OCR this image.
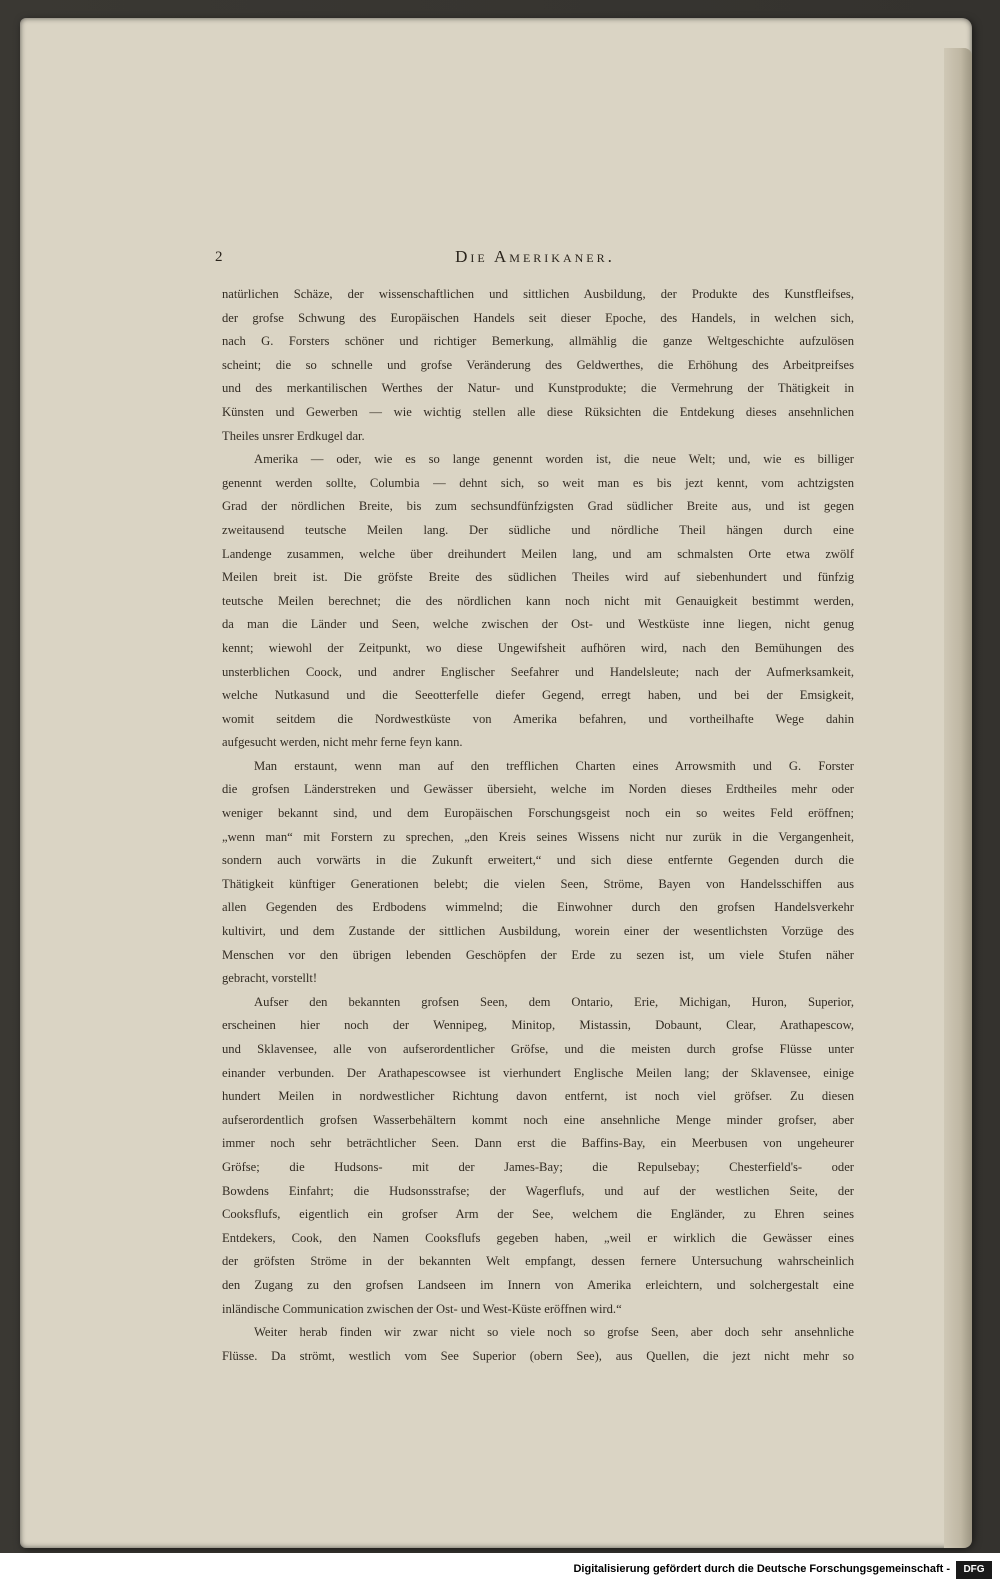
2	Die Amerikaner.
natürlichen Schäze, der wissenschaftlichen und sittlichen Ausbildung, der Produkte des Kunstfleifses,
der grofse Schwung des Europäischen Handels seit dieser Epoche, des Handels, in welchen sich,
nach G. Forsters schöner und richtiger Bemerkung, allmählig die ganze Weltgeschichte aufzulösen
scheint; die so schnelle und grofse Veränderung des Geldwerthes, die Erhöhung des Arbeitpreifses
und des merkantilischen Werthes der Natur- und Kunstprodukte; die Vermehrung der Thätigkeit in
Künsten und Gewerben — wie wichtig stellen alle diese Rüksichten die Entdekung dieses ansehnlichen
Theiles unsrer Erdkugel dar.
Amerika — oder, wie es so lange genennt worden ist, die neue Welt; und, wie es billiger
genennt werden sollte, Columbia — dehnt sich, so weit man es bis jezt kennt, vom achtzigsten
Grad der nördlichen Breite, bis zum sechsundfünfzigsten Grad südlicher Breite aus, und ist gegen
zweitausend teutsche Meilen lang. Der südliche und nördliche Theil hängen durch eine
Landenge zusammen, welche über dreihundert Meilen lang, und am schmalsten Orte etwa zwölf
Meilen breit ist. Die gröfste Breite des südlichen Theiles wird auf siebenhundert und fünfzig
teutsche Meilen berechnet; die des nördlichen kann noch nicht mit Genauigkeit bestimmt werden,
da man die Länder und Seen, welche zwischen der Ost- und Westküste inne liegen, nicht genug
kennt; wiewohl der Zeitpunkt, wo diese Ungewifsheit aufhören wird, nach den Bemühungen des
unsterblichen Coock, und andrer Englischer Seefahrer und Handelsleute; nach der Aufmerksamkeit,
welche Nutkasund und die Seeotterfelle diefer Gegend, erregt haben, und bei der Emsigkeit,
womit seitdem die Nordwestküste von Amerika befahren, und vortheilhafte Wege dahin
aufgesucht werden, nicht mehr ferne feyn kann.
Man erstaunt, wenn man auf den trefflichen Charten eines Arrowsmith und G. Forster
die grofsen Länderstreken und Gewässer übersieht, welche im Norden dieses Erdtheiles mehr oder
weniger bekannt sind, und dem Europäischen Forschungsgeist noch ein so weites Feld eröffnen;
„wenn man“ mit Forstern zu sprechen, „den Kreis seines Wissens nicht nur zurük in die Vergangenheit,
sondern auch vorwärts in die Zukunft erweitert,“ und sich diese entfernte Gegenden durch die
Thätigkeit künftiger Generationen belebt; die vielen Seen, Ströme, Bayen von Handelsschiffen aus
allen Gegenden des Erdbodens wimmelnd; die Einwohner durch den grofsen Handelsverkehr
kultivirt, und dem Zustande der sittlichen Ausbildung, worein einer der wesentlichsten Vorzüge des
Menschen vor den übrigen lebenden Geschöpfen der Erde zu sezen ist, um viele Stufen näher
gebracht, vorstellt!
Aufser den bekannten grofsen Seen, dem Ontario, Erie, Michigan, Huron, Superior,
erscheinen hier noch der Wennipeg, Minitop, Mistassin, Dobaunt, Clear, Arathapescow,
und Sklavensee, alle von aufserordentlicher Gröfse, und die meisten durch grofse Flüsse unter
einander verbunden. Der Arathapescowsee ist vierhundert Englische Meilen lang; der Sklavensee, einige
hundert Meilen in nordwestlicher Richtung davon entfernt, ist noch viel gröfser. Zu diesen
aufserordentlich grofsen Wasserbehältern kommt noch eine ansehnliche Menge minder grofser, aber
immer noch sehr beträchtlicher Seen. Dann erst die Baffins-Bay, ein Meerbusen von ungeheurer
Gröfse; die Hudsons- mit der James-Bay; die Repulsebay; Chesterfield's- oder
Bowdens Einfahrt; die Hudsonsstrafse; der Wagerflufs, und auf der westlichen Seite, der
Cooksflufs, eigentlich ein grofser Arm der See, welchem die Engländer, zu Ehren seines
Entdekers, Cook, den Namen Cooksflufs gegeben haben, „weil er wirklich die Gewässer eines
der gröfsten Ströme in der bekannten Welt empfangt, dessen fernere Untersuchung wahrscheinlich
den Zugang zu den grofsen Landseen im Innern von Amerika erleichtern, und solchergestalt eine
inländische Communication zwischen der Ost- und West-Küste eröffnen wird.“
Weiter herab finden wir zwar nicht so viele noch so grofse Seen, aber doch sehr ansehnliche
Flüsse. Da strömt, westlich vom See Superior (obern See), aus Quellen, die jezt nicht mehr so
Digitalisierung gefördert durch die Deutsche Forschungsgemeinschaft -	DFG
